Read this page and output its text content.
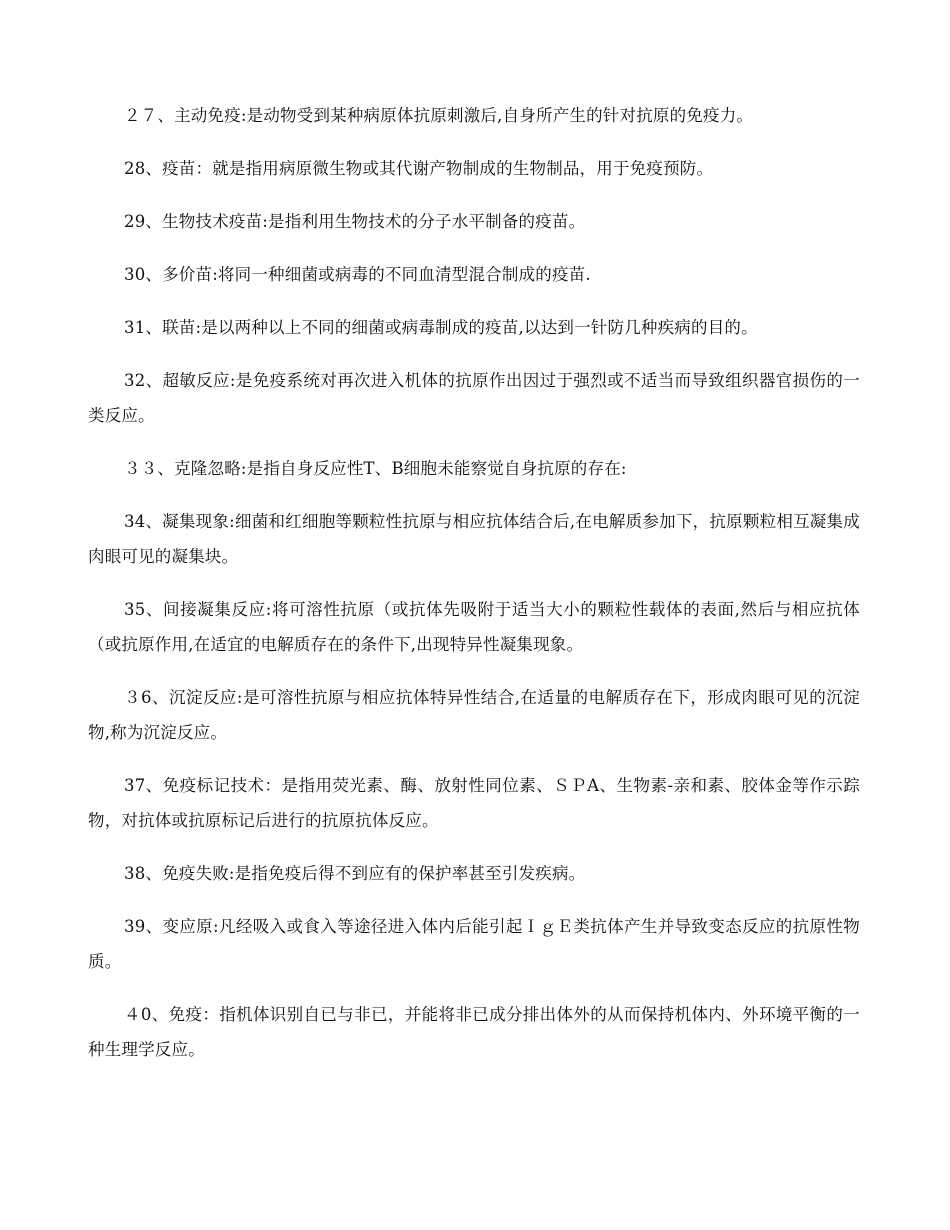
２７、主动免疫:是动物受到某种病原体抗原刺激后,自身所产生的针对抗原的免疫力。

28、疫苗：就是指用病原微生物或其代谢产物制成的生物制品，用于免疫预防。

29、生物技术疫苗:是指利用生物技术的分子水平制备的疫苗。

30、多价苗:将同一种细菌或病毒的不同血清型混合制成的疫苗.

31、联苗:是以两种以上不同的细菌或病毒制成的疫苗,以达到一针防几种疾病的目的。

32、超敏反应:是免疫系统对再次进入机体的抗原作出因过于强烈或不适当而导致组织器官损伤的一类反应。

３３、克隆忽略:是指自身反应性T、B细胞未能察觉自身抗原的存在:

34、凝集现象:细菌和红细胞等颗粒性抗原与相应抗体结合后,在电解质参加下，抗原颗粒相互凝集成肉眼可见的凝集块。

35、间接凝集反应:将可溶性抗原（或抗体先吸附于适当大小的颗粒性载体的表面,然后与相应抗体（或抗原作用,在适宜的电解质存在的条件下,出现特异性凝集现象。

３6、沉淀反应:是可溶性抗原与相应抗体特异性结合,在适量的电解质存在下，形成肉眼可见的沉淀物,称为沉淀反应。

37、免疫标记技术：是指用荧光素、酶、放射性同位素、ＳＰA、生物素-亲和素、胶体金等作示踪物，对抗体或抗原标记后进行的抗原抗体反应。

38、免疫失败:是指免疫后得不到应有的保护率甚至引发疾病。

39、变应原:凡经吸入或食入等途径进入体内后能引起ＩｇＥ类抗体产生并导致变态反应的抗原性物质。

４0、免疫：指机体识别自已与非已，并能将非已成分排出体外的从而保持机体内、外环境平衡的一种生理学反应。
